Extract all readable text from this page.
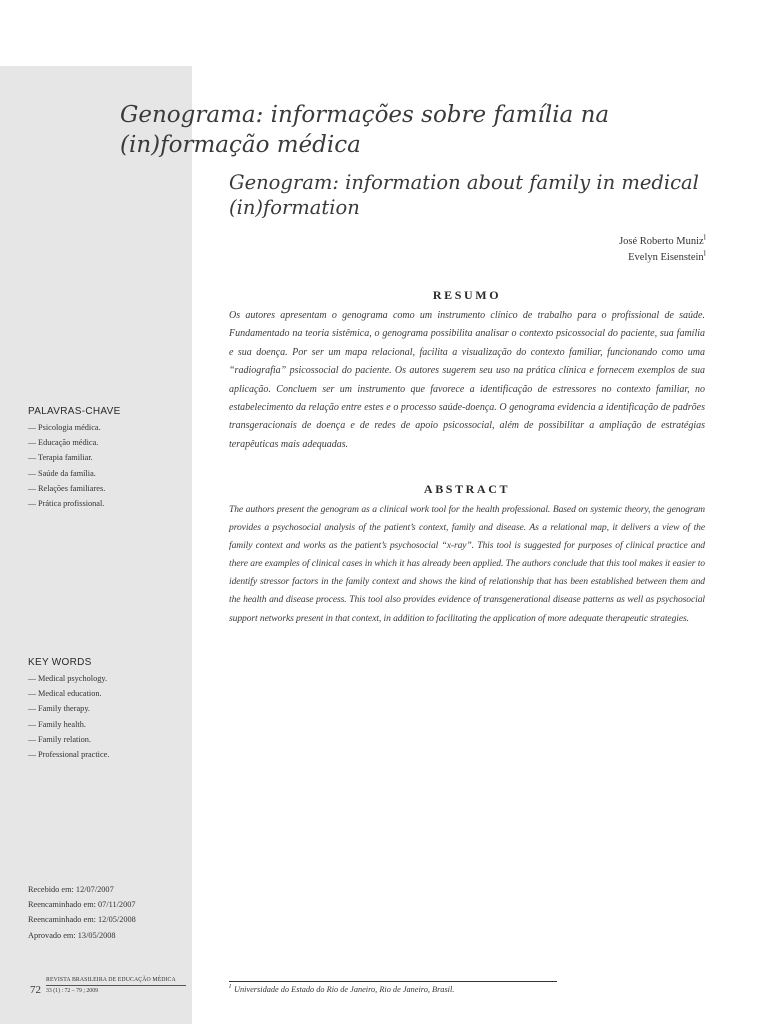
Genograma: informações sobre família na (in)formação médica
Genogram: information about family in medical (in)formation
José Roberto Muniz$^I$
Evelyn Eisenstein$^I$
RESUMO

Os autores apresentam o genograma como um instrumento clínico de trabalho para o profissional de saúde. Fundamentado na teoria sistêmica, o genograma possibilita analisar o contexto psicossocial do paciente, sua família e sua doença. Por ser um mapa relacional, facilita a visualização do contexto familiar, funcionando como uma “radiografia” psicossocial do paciente. Os autores sugerem seu uso na prática clínica e fornecem exemplos de sua aplicação. Concluem ser um instrumento que favorece a identificação de estressores no contexto familiar, no estabelecimento da relação entre estes e o processo saúde-doença. O genograma evidencia a identificação de padrões transgeracionais de doença e de redes de apoio psicossocial, além de possibilitar a ampliação de estratégias terapêuticas mais adequadas.

ABSTRACT

The authors present the genogram as a clinical work tool for the health professional. Based on systemic theory, the genogram provides a psychosocial analysis of the patient’s context, family and disease. As a relational map, it delivers a view of the family context and works as the patient’s psychosocial “x-ray”. This tool is suggested for purposes of clinical practice and there are examples of clinical cases in which it has already been applied. The authors conclude that this tool makes it easier to identify stressor factors in the family context and shows the kind of relationship that has been established between them and the health and disease process. This tool also provides evidence of transgenerational disease patterns as well as psychosocial support networks present in that context, in addition to facilitating the application of more adequate therapeutic strategies.

PALAVRAS-CHAVE
— Psicologia médica.
— Educação médica.
— Terapia familiar.
— Saúde da família.
— Relações familiares.
— Prática profissional.
KEY WORDS
— Medical psychology.
— Medical education.
— Family therapy.
— Family health.
— Family relation.
— Professional practice.
Recebido em: 12/07/2007
Reencaminhado em: 07/11/2007
Reencaminhado em: 12/05/2008
Aprovado em: 13/05/2008
72
REVISTA BRASILEIRA DE EDUCAÇÃO MÉDICA
33 (1) : 72 – 79 ; 2009
$^I$ Universidade do Estado do Rio de Janeiro, Rio de Janeiro, Brasil.
